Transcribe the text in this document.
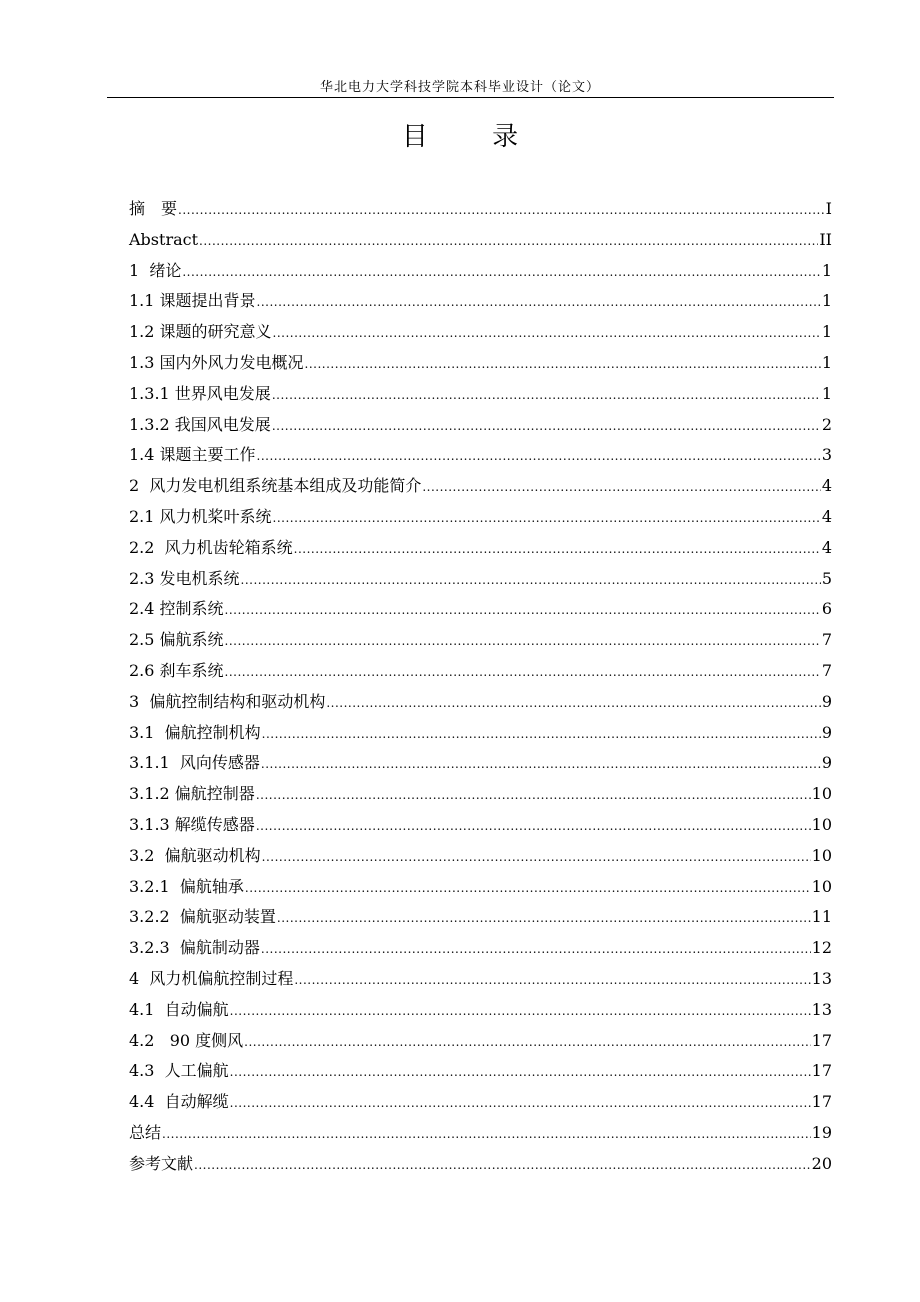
华北电力大学科技学院本科毕业设计（论文）
目 录
摘　要 .....	I
Abstract .....	II
1  绪论 .....	1
1.1 课题提出背景 .....	1
1.2 课题的研究意义 .....	1
1.3 国内外风力发电概况 .....	1
1.3.1 世界风电发展 .....	1
1.3.2 我国风电发展 .....	2
1.4 课题主要工作 .....	3
2  风力发电机组系统基本组成及功能简介 .....	4
2.1 风力机桨叶系统 .....	4
2.2  风力机齿轮箱系统 .....	4
2.3 发电机系统 .....	5
2.4 控制系统 .....	6
2.5 偏航系统 .....	7
2.6 刹车系统 .....	7
3  偏航控制结构和驱动机构 .....	9
3.1  偏航控制机构 .....	9
3.1.1  风向传感器 .....	9
3.1.2 偏航控制器 .....	10
3.1.3 解缆传感器 .....	10
3.2  偏航驱动机构 .....	10
3.2.1  偏航轴承 .....	10
3.2.2  偏航驱动装置 .....	11
3.2.3  偏航制动器 .....	12
4  风力机偏航控制过程 .....	13
4.1  自动偏航 .....	13
4.2   90 度侧风 .....	17
4.3  人工偏航 .....	17
4.4  自动解缆 .....	17
总结 .....	19
参考文献 .....	20
